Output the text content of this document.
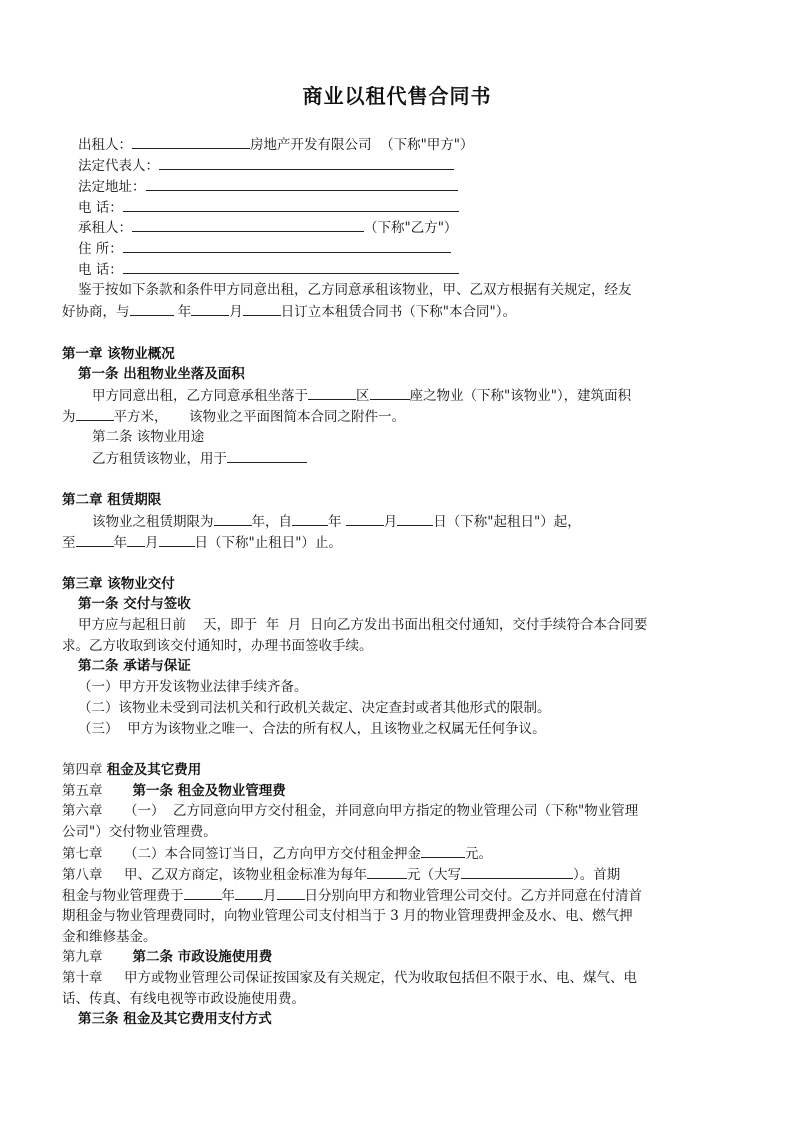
商业以租代售合同书
出租人：	房地产开发有限公司 （下称"甲方"）
法定代表人：
法定地址：
电 话：
承租人：	（下称"乙方"）
住 所：
电 话：
鉴于按如下条款和条件甲方同意出租，乙方同意承租该物业，甲、乙双方根据有关规定，经友
好协商，与	年	月	日订立本租赁合同书（下称"本合同"）。
第一章 该物业概况
第一条 出租物业坐落及面积
甲方同意出租，乙方同意承租坐落于	区	座之物业（下称"该物业"），建筑面积
为	平方米，     该物业之平面图简本合同之附件一。
第二条 该物业用途
乙方租赁该物业，用于
第二章 租赁期限
该物业之租赁期限为	年，自	年	月	日（下称"起租日"）起，
至	年 月	日（下称"止租日"）止。
第三章 该物业交付
第一条 交付与签收
甲方应与起租日前    天，即于  年  月  日向乙方发出书面出租交付通知，交付手续符合本合同要
求。乙方收取到该交付通知时，办理书面签收手续。
第二条 承诺与保证
（一）甲方开发该物业法律手续齐备。
（二）该物业未受到司法机关和行政机关裁定、决定查封或者其他形式的限制。
（三）  甲方为该物业之唯一、合法的所有权人，且该物业之权属无任何争议。
第四章 租金及其它费用
第五章 第一条 租金及物业管理费
第六章 （一）  乙方同意向甲方交付租金，并同意向甲方指定的物业管理公司（下称"物业管理
公司"）交付物业管理费。
第七章 （二）本合同签订当日，乙方向甲方交付租金押金	元。
第八章 甲、乙双方商定，该物业租金标准为每年	元（大写	）。首期
租金与物业管理费于	年 月 日分别向甲方和物业管理公司交付。乙方并同意在付清首
期租金与物业管理费同时，向物业管理公司支付相当于 3 月的物业管理费押金及水、电、燃气押
金和维修基金。
第九章 第二条 市政设施使用费
第十章 甲方或物业管理公司保证按国家及有关规定，代为收取包括但不限于水、电、煤气、电
话、传真、有线电视等市政设施使用费。
第三条 租金及其它费用支付方式
